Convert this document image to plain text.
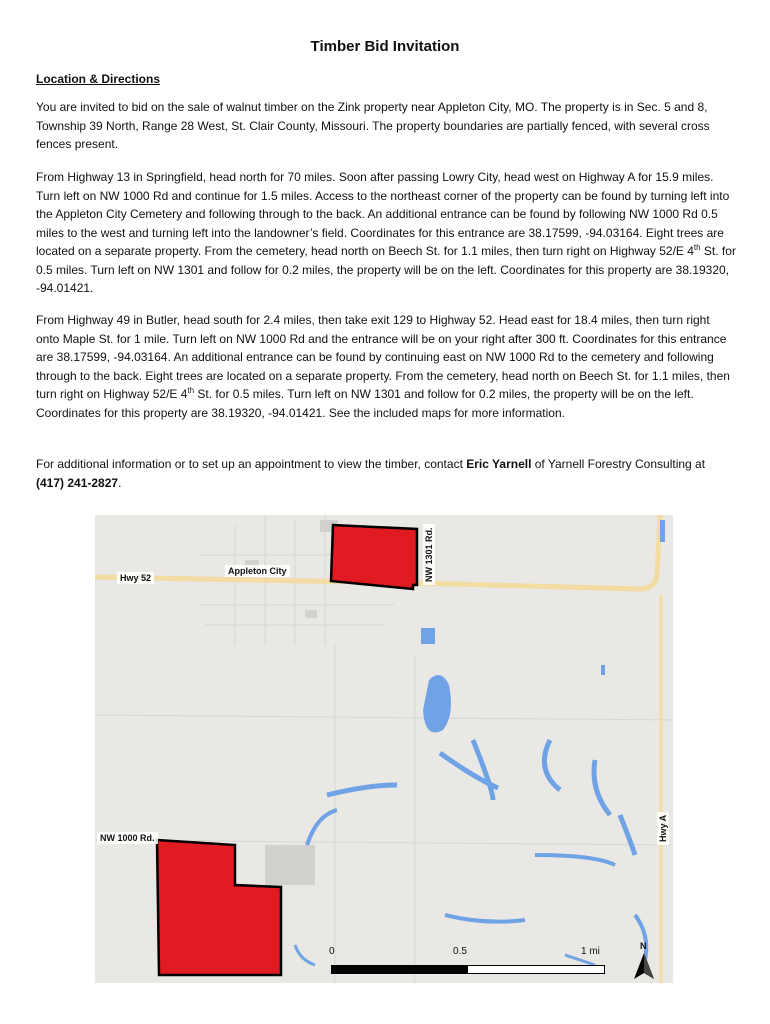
Timber Bid Invitation
Location & Directions

You are invited to bid on the sale of walnut timber on the Zink property near Appleton City, MO. The property is in Sec. 5 and 8, Township 39 North, Range 28 West, St. Clair County, Missouri. The property boundaries are partially fenced, with several cross fences present.

From Highway 13 in Springfield, head north for 70 miles. Soon after passing Lowry City, head west on Highway A for 15.9 miles. Turn left on NW 1000 Rd and continue for 1.5 miles. Access to the northeast corner of the property can be found by turning left into the Appleton City Cemetery and following through to the back. An additional entrance can be found by following NW 1000 Rd 0.5 miles to the west and turning left into the landowner’s field. Coordinates for this entrance are 38.17599, -94.03164. Eight trees are located on a separate property. From the cemetery, head north on Beech St. for 1.1 miles, then turn right on Highway 52/E 4th St. for 0.5 miles. Turn left on NW 1301 and follow for 0.2 miles, the property will be on the left. Coordinates for this property are 38.19320, -94.01421.

From Highway 49 in Butler, head south for 2.4 miles, then take exit 129 to Highway 52. Head east for 18.4 miles, then turn right onto Maple St. for 1 mile. Turn left on NW 1000 Rd and the entrance will be on your right after 300 ft. Coordinates for this entrance are 38.17599, -94.03164. An additional entrance can be found by continuing east on NW 1000 Rd to the cemetery and following through to the back. Eight trees are located on a separate property. From the cemetery, head north on Beech St. for 1.1 miles, then turn right on Highway 52/E 4th St. for 0.5 miles. Turn left on NW 1301 and follow for 0.2 miles, the property will be on the left. Coordinates for this property are 38.19320, -94.01421. See the included maps for more information.

For additional information or to set up an appointment to view the timber, contact Eric Yarnell of Yarnell Forestry Consulting at (417) 241-2827.

Hwy 52
Appleton City	NW 1301 Rd.
NW 1000 Rd.	Hwy A
0	0.5	1 mi	N
